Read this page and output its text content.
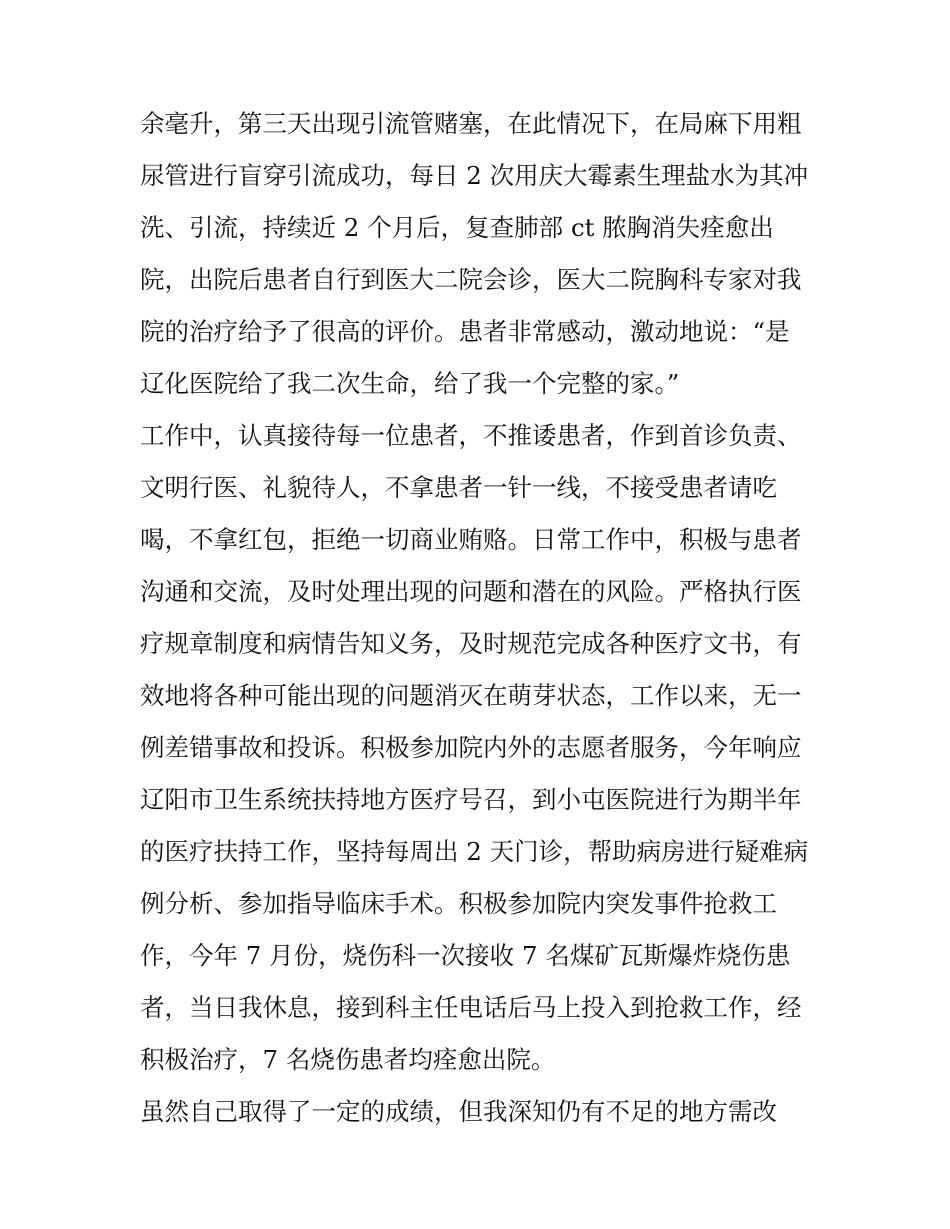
余毫升，第三天出现引流管赌塞，在此情况下，在局麻下用粗
尿管进行盲穿引流成功，每日 2 次用庆大霉素生理盐水为其冲
洗、引流，持续近 2 个月后，复查肺部 ct 脓胸消失痊愈出
院，出院后患者自行到医大二院会诊，医大二院胸科专家对我
院的治疗给予了很高的评价。患者非常感动，激动地说：“是
辽化医院给了我二次生命，给了我一个完整的家。”
工作中，认真接待每一位患者，不推诿患者，作到首诊负责、
文明行医、礼貌待人，不拿患者一针一线，不接受患者请吃
喝，不拿红包，拒绝一切商业贿赂。日常工作中，积极与患者
沟通和交流，及时处理出现的问题和潜在的风险。严格执行医
疗规章制度和病情告知义务，及时规范完成各种医疗文书，有
效地将各种可能出现的问题消灭在萌芽状态，工作以来，无一
例差错事故和投诉。积极参加院内外的志愿者服务，今年响应
辽阳市卫生系统扶持地方医疗号召，到小屯医院进行为期半年
的医疗扶持工作，坚持每周出 2 天门诊，帮助病房进行疑难病
例分析、参加指导临床手术。积极参加院内突发事件抢救工
作，今年 7 月份，烧伤科一次接收 7 名煤矿瓦斯爆炸烧伤患
者，当日我休息，接到科主任电话后马上投入到抢救工作，经
积极治疗，7 名烧伤患者均痊愈出院。
虽然自己取得了一定的成绩，但我深知仍有不足的地方需改
